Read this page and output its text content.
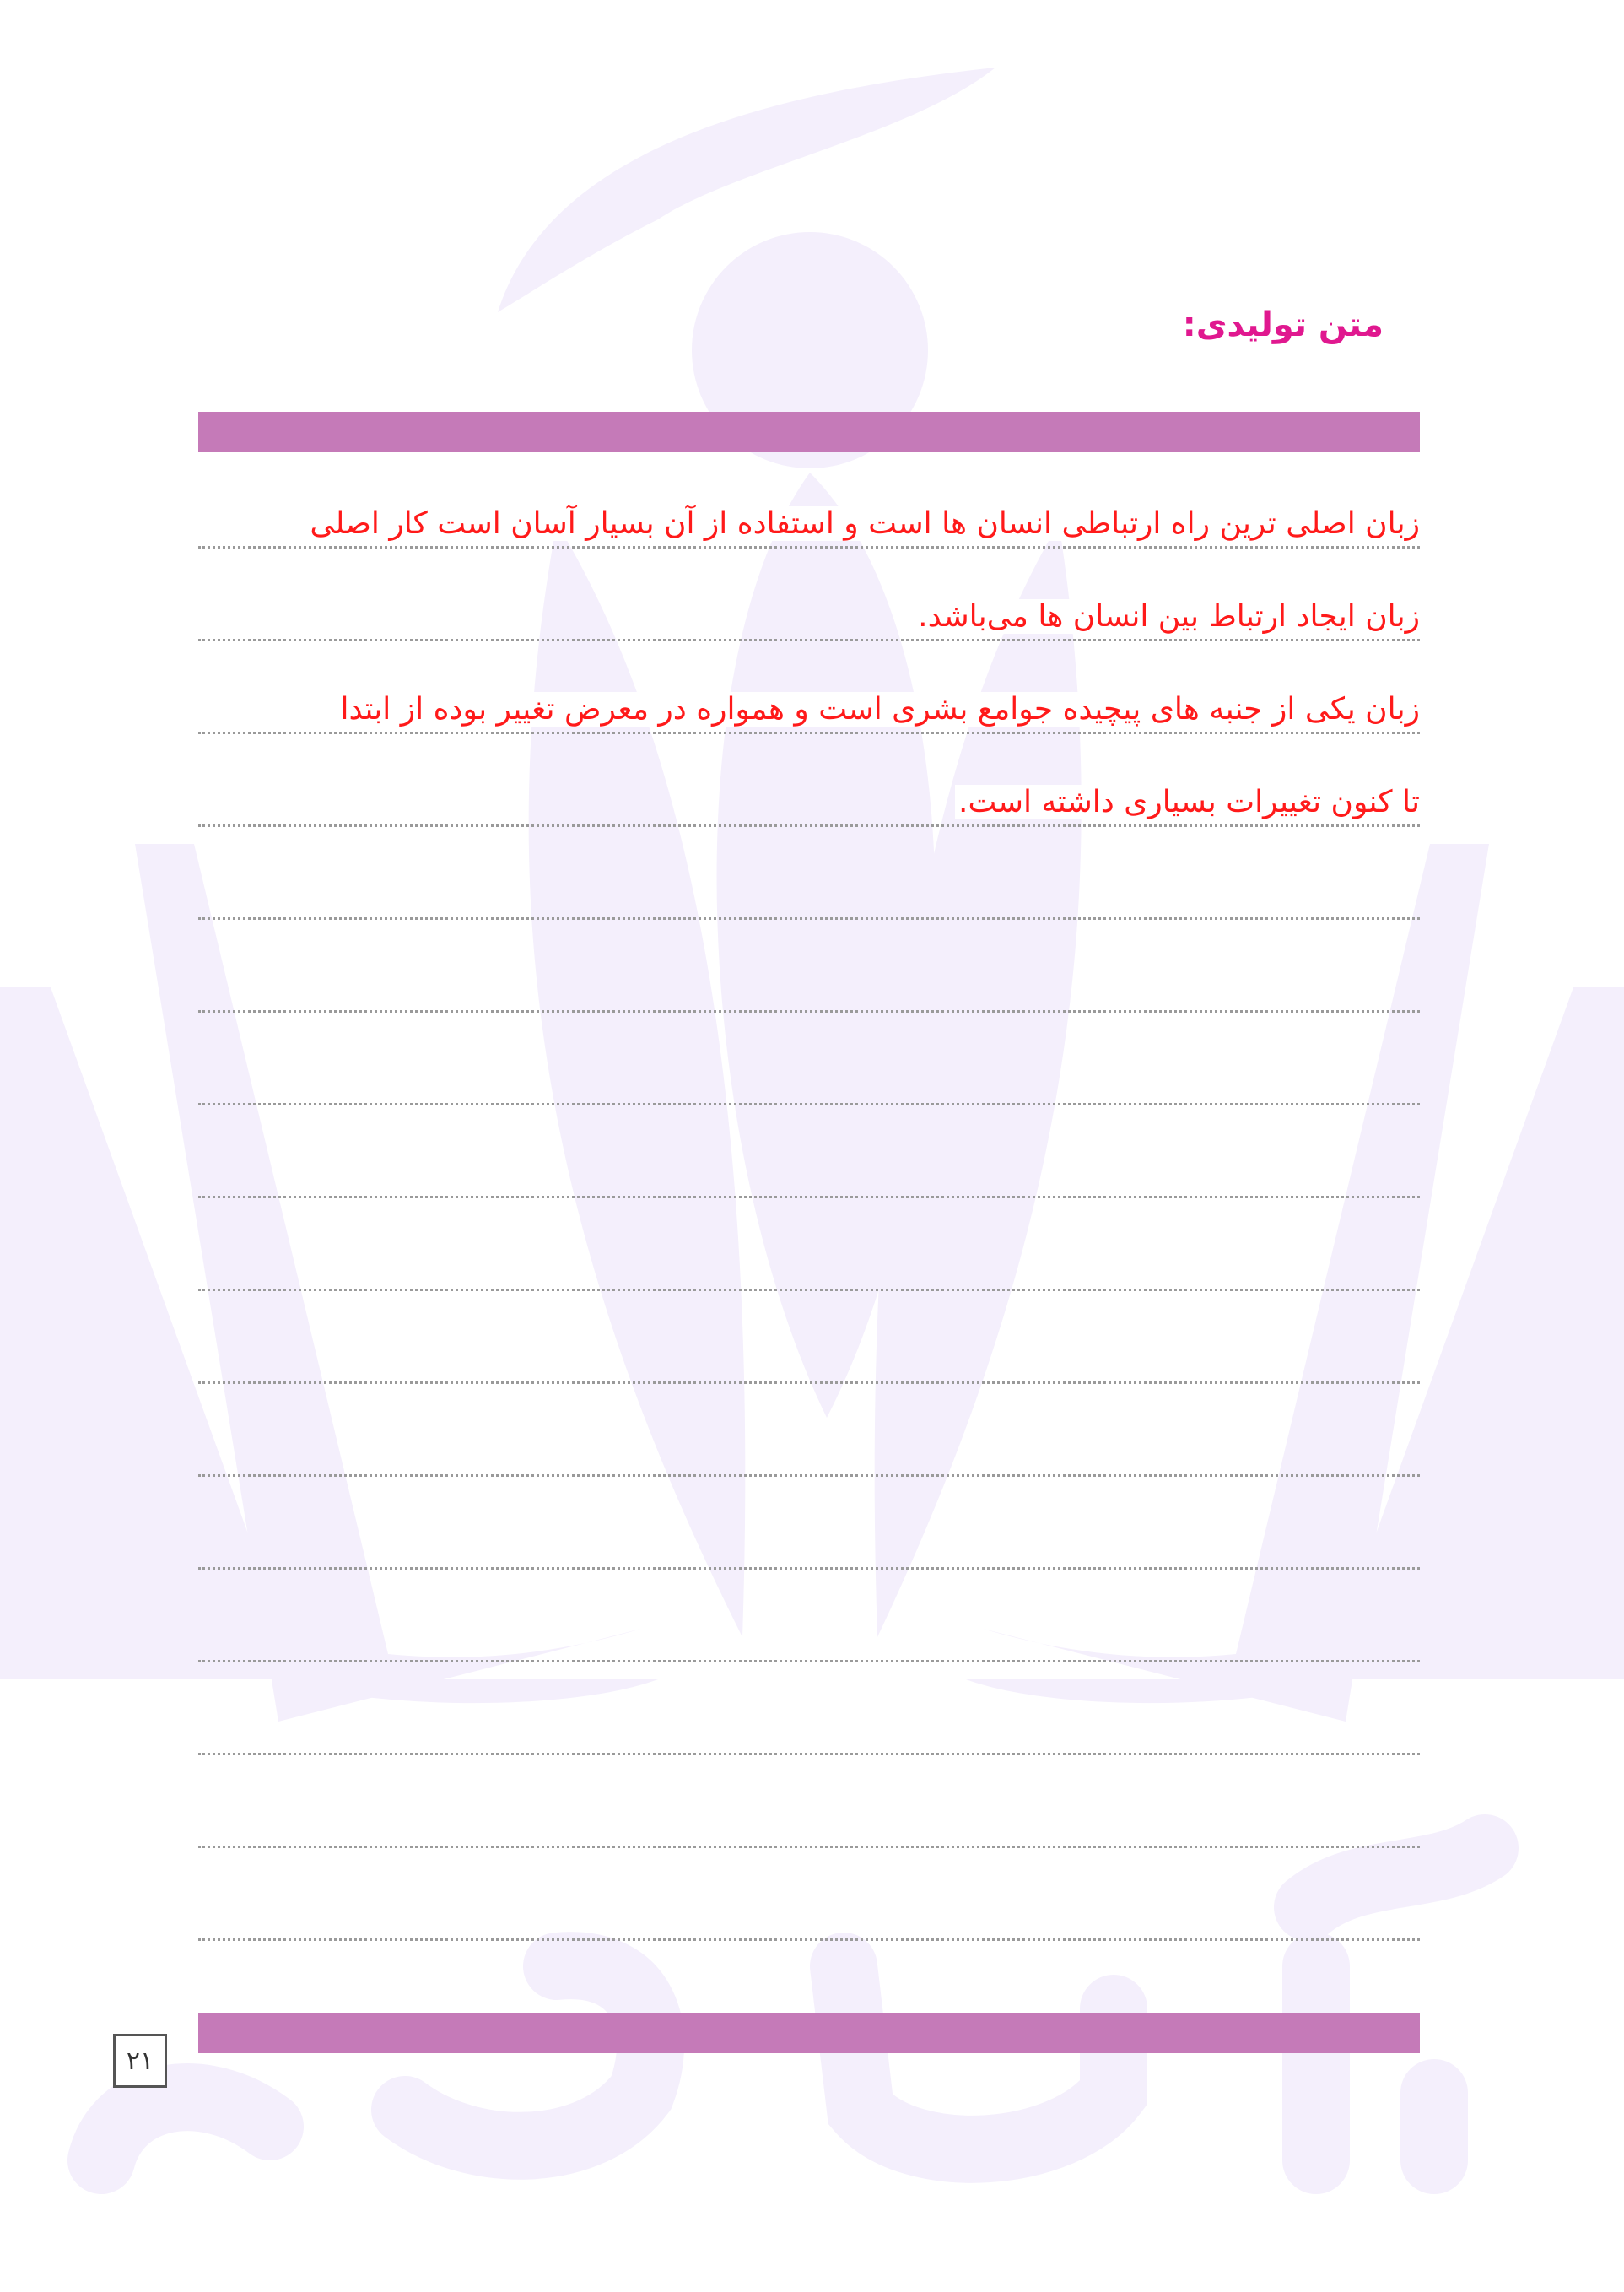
متن تولیدی:
زبان اصلی ترین راه ارتباطی انسان ها است و استفاده از آن بسیار آسان است کار اصلی
زبان ایجاد ارتباط بین انسان ها می‌باشد.
زبان یکی از جنبه های پیچیده جوامع بشری است و همواره در معرض تغییر بوده از ابتدا
تا کنون تغییرات بسیاری داشته است.
۲۱
